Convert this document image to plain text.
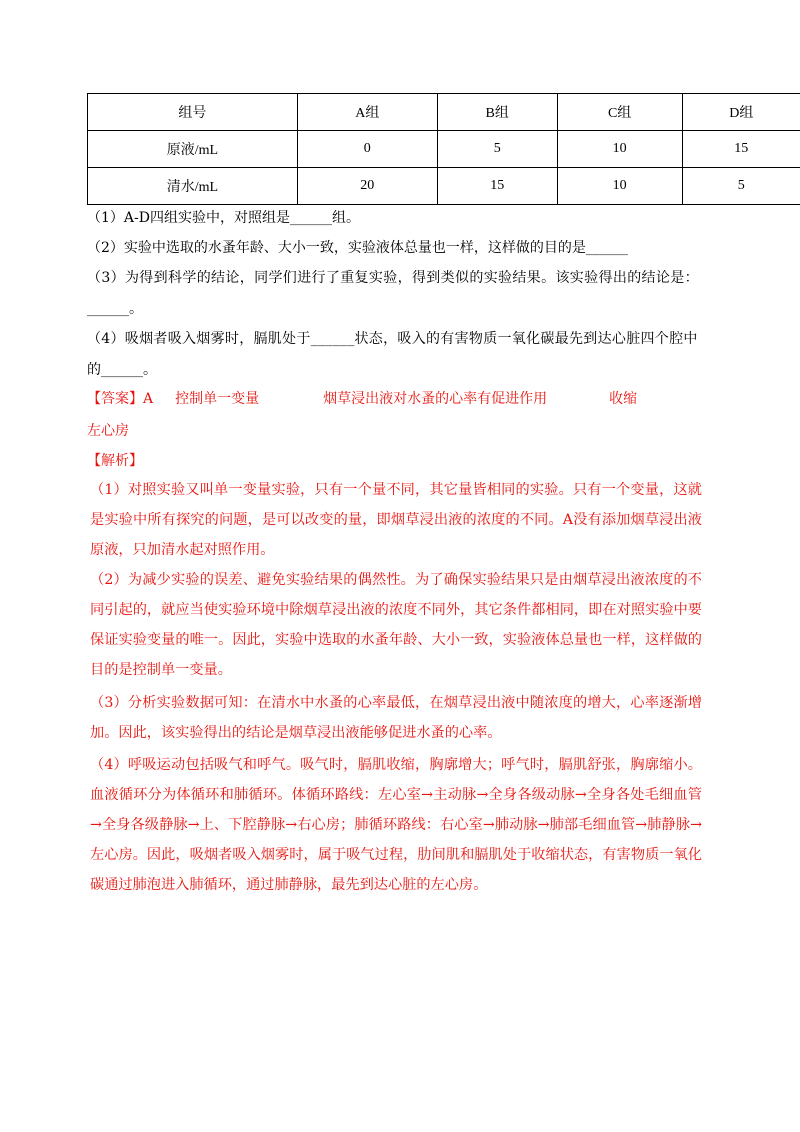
组号	A组	B组	C组	D组
原液/mL	0	5	10	15
清水/mL	20	15	10	5
（1）A-D四组实验中，对照组是______组。
（2）实验中选取的水蚤年龄、大小一致，实验液体总量也一样，这样做的目的是______
（3）为得到科学的结论，同学们进行了重复实验，得到类似的实验结果。该实验得出的结论是：
______。
（4）吸烟者吸入烟雾时，膈肌处于______状态，吸入的有害物质一氧化碳最先到达心脏四个腔中
的______。
【答案】A 控制单一变量	烟草浸出液对水蚤的心率有促进作用	收缩
左心房
【解析】
（1）对照实验又叫单一变量实验，只有一个量不同，其它量皆相同的实验。只有一个变量，这就是实验中所有探究的问题，是可以改变的量，即烟草浸出液的浓度的不同。A没有添加烟草浸出液原液，只加清水起对照作用。
（2）为减少实验的误差、避免实验结果的偶然性。为了确保实验结果只是由烟草浸出液浓度的不同引起的，就应当使实验环境中除烟草浸出液的浓度不同外，其它条件都相同，即在对照实验中要保证实验变量的唯一。因此，实验中选取的水蚤年龄、大小一致，实验液体总量也一样，这样做的目的是控制单一变量。
（3）分析实验数据可知：在清水中水蚤的心率最低，在烟草浸出液中随浓度的增大，心率逐渐增加。因此，该实验得出的结论是烟草浸出液能够促进水蚤的心率。
（4）呼吸运动包括吸气和呼气。吸气时，膈肌收缩，胸廓增大；呼气时，膈肌舒张，胸廓缩小。血液循环分为体循环和肺循环。体循环路线：左心室→主动脉→全身各级动脉→全身各处毛细血管→全身各级静脉→上、下腔静脉→右心房；肺循环路线：右心室→肺动脉→肺部毛细血管→肺静脉→左心房。因此，吸烟者吸入烟雾时，属于吸气过程，肋间肌和膈肌处于收缩状态，有害物质一氧化碳通过肺泡进入肺循环，通过肺静脉，最先到达心脏的左心房。
